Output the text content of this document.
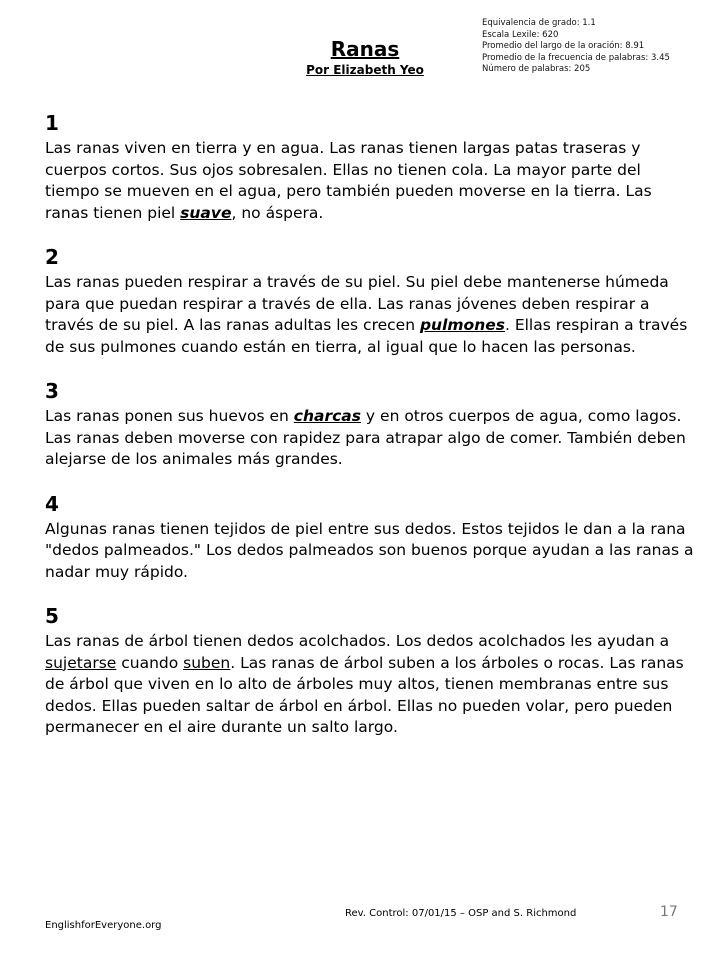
Ranas
Por Elizabeth Yeo
Equivalencia de grado: 1.1
Escala Lexile: 620
Promedio del largo de la oración: 8.91
Promedio de la frecuencia de palabras: 3.45
Número de palabras: 205
1

Las ranas viven en tierra y en agua. Las ranas tienen largas patas traseras y cuerpos cortos. Sus ojos sobresalen. Ellas no tienen cola. La mayor parte del tiempo se mueven en el agua, pero también pueden moverse en la tierra. Las ranas tienen piel suave, no áspera.

2

Las ranas pueden respirar a través de su piel. Su piel debe mantenerse húmeda para que puedan respirar a través de ella. Las ranas jóvenes deben respirar a través de su piel. A las ranas adultas les crecen pulmones. Ellas respiran a través de sus pulmones cuando están en tierra, al igual que lo hacen las personas.

3

Las ranas ponen sus huevos en charcas y en otros cuerpos de agua, como lagos. Las ranas deben moverse con rapidez para atrapar algo de comer. También deben alejarse de los animales más grandes.

4

Algunas ranas tienen tejidos de piel entre sus dedos. Estos tejidos le dan a la rana "dedos palmeados." Los dedos palmeados son buenos porque ayudan a las ranas a nadar muy rápido.

5

Las ranas de árbol tienen dedos acolchados. Los dedos acolchados les ayudan a sujetarse cuando suben. Las ranas de árbol suben a los árboles o rocas. Las ranas de árbol que viven en lo alto de árboles muy altos, tienen membranas entre sus dedos. Ellas pueden saltar de árbol en árbol. Ellas no pueden volar, pero pueden permanecer en el aire durante un salto largo.

Rev. Control: 07/01/15 – OSP and S. Richmond	17
EnglishforEveryone.org
